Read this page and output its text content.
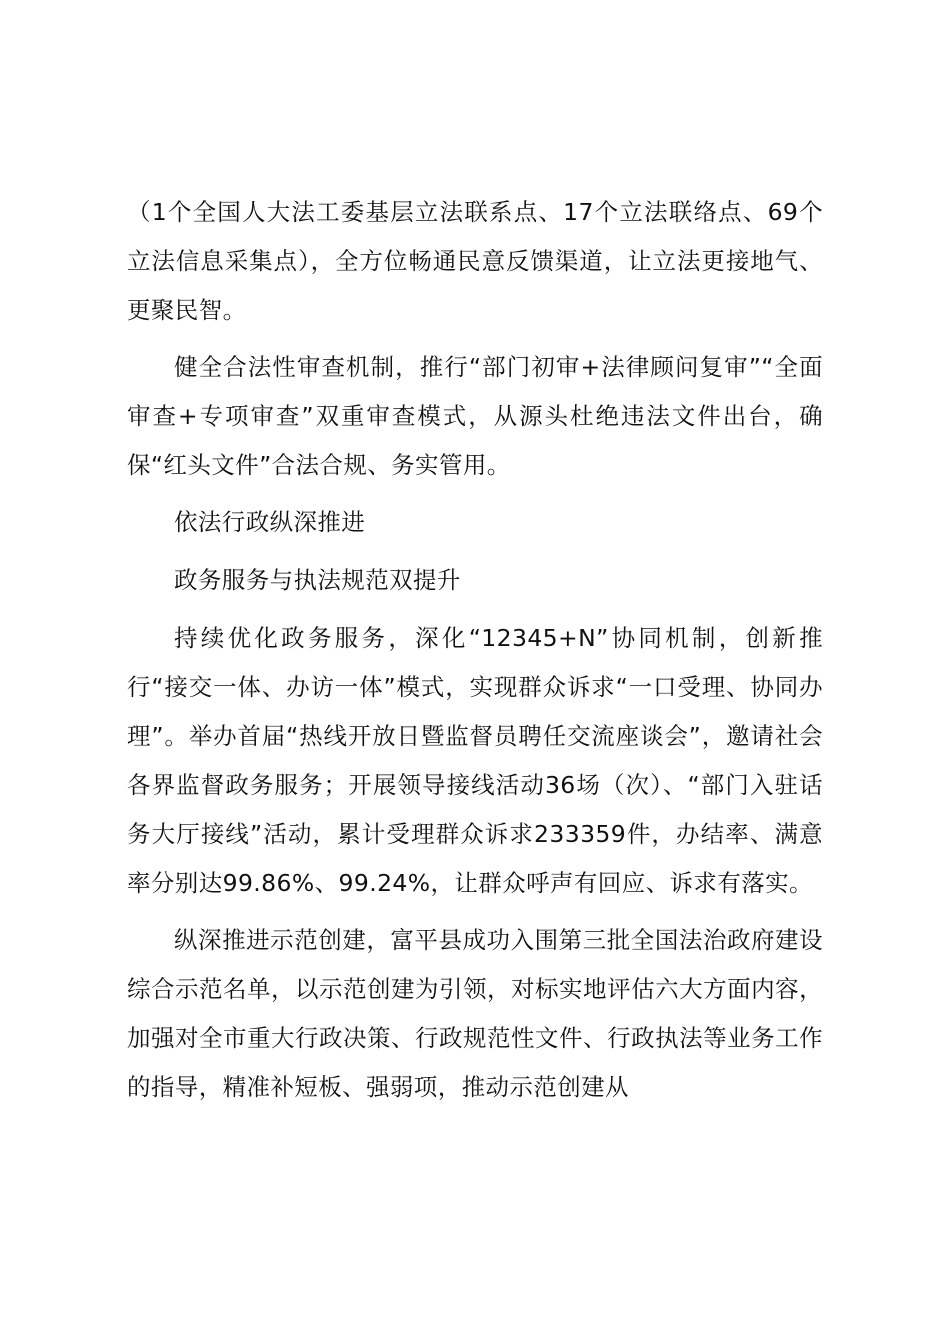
（1个全国人大法工委基层立法联系点、17个立法联络点、69个立法信息采集点），全方位畅通民意反馈渠道，让立法更接地气、更聚民智。

健全合法性审查机制，推行“部门初审+法律顾问复审”“全面审查+专项审查”双重审查模式，从源头杜绝违法文件出台，确保“红头文件”合法合规、务实管用。

依法行政纵深推进

政务服务与执法规范双提升

持续优化政务服务，深化“12345+N”协同机制，创新推行“接交一体、办访一体”模式，实现群众诉求“一口受理、协同办理”。举办首届“热线开放日暨监督员聘任交流座谈会”，邀请社会各界监督政务服务；开展领导接线活动36场（次）、“部门入驻话务大厅接线”活动，累计受理群众诉求233359件，办结率、满意率分别达99.86%、99.24%，让群众呼声有回应、诉求有落实。

纵深推进示范创建，富平县成功入围第三批全国法治政府建设综合示范名单，以示范创建为引领，对标实地评估六大方面内容，加强对全市重大行政决策、行政规范性文件、行政执法等业务工作的指导，精准补短板、强弱项，推动示范创建从
